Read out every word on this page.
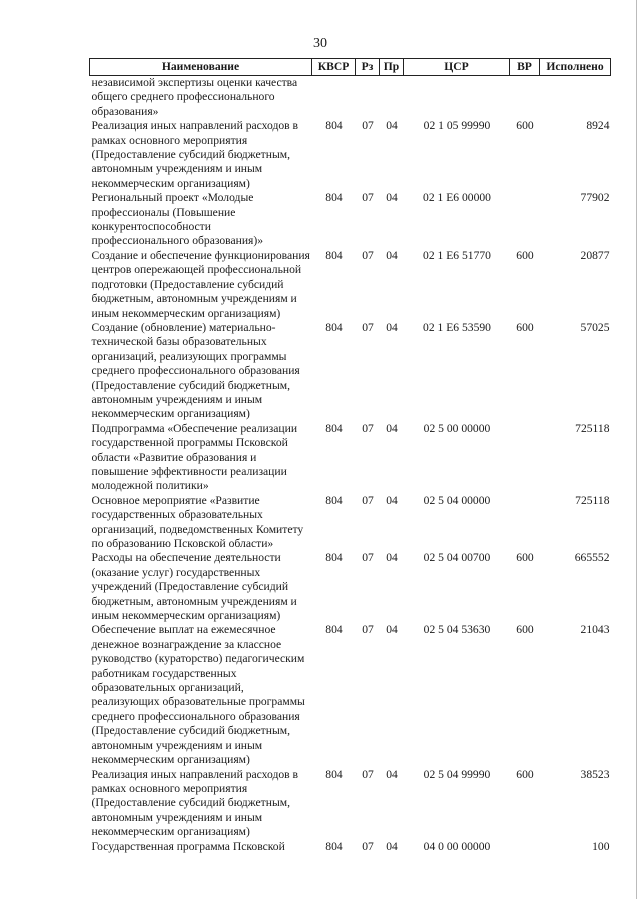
30
Наименование	КВСР	Рз	Пр	ЦСР	ВР	Исполнено
независимой экспертизы оценки качества общего среднего профессионального образования»						
Реализация иных направлений расходов в рамках основного мероприятия (Предоставление субсидий бюджетным, автономным учреждениям и иным некоммерческим организациям)	804	07	04	02 1 05 99990	600	8924
Региональный проект «Молодые профессионалы (Повышение конкурентоспособности профессионального образования)»	804	07	04	02 1 Е6 00000		77902
Создание и обеспечение функционирования центров опережающей профессиональной подготовки (Предоставление субсидий бюджетным, автономным учреждениям и иным некоммерческим организациям)	804	07	04	02 1 Е6 51770	600	20877
Создание (обновление) материально-технической базы образовательных организаций, реализующих программы среднего профессионального образования (Предоставление субсидий бюджетным, автономным учреждениям и иным некоммерческим организациям)	804	07	04	02 1 Е6 53590	600	57025
Подпрограмма «Обеспечение реализации государственной программы Псковской области «Развитие образования и повышение эффективности реализации молодежной политики»	804	07	04	02 5 00 00000		725118
Основное мероприятие «Развитие государственных образовательных организаций, подведомственных Комитету по образованию Псковской области»	804	07	04	02 5 04 00000		725118
Расходы на обеспечение деятельности (оказание услуг) государственных учреждений (Предоставление субсидий бюджетным, автономным учреждениям и иным некоммерческим организациям)	804	07	04	02 5 04 00700	600	665552
Обеспечение выплат на ежемесячное денежное вознаграждение за классное руководство (кураторство) педагогическим работникам государственных образовательных организаций, реализующих образовательные программы среднего профессионального образования (Предоставление субсидий бюджетным, автономным учреждениям и иным некоммерческим организациям)	804	07	04	02 5 04 53630	600	21043
Реализация иных направлений расходов в рамках основного мероприятия (Предоставление субсидий бюджетным, автономным учреждениям и иным некоммерческим организациям)	804	07	04	02 5 04 99990	600	38523
Государственная программа Псковской	804	07	04	04 0 00 00000		100
